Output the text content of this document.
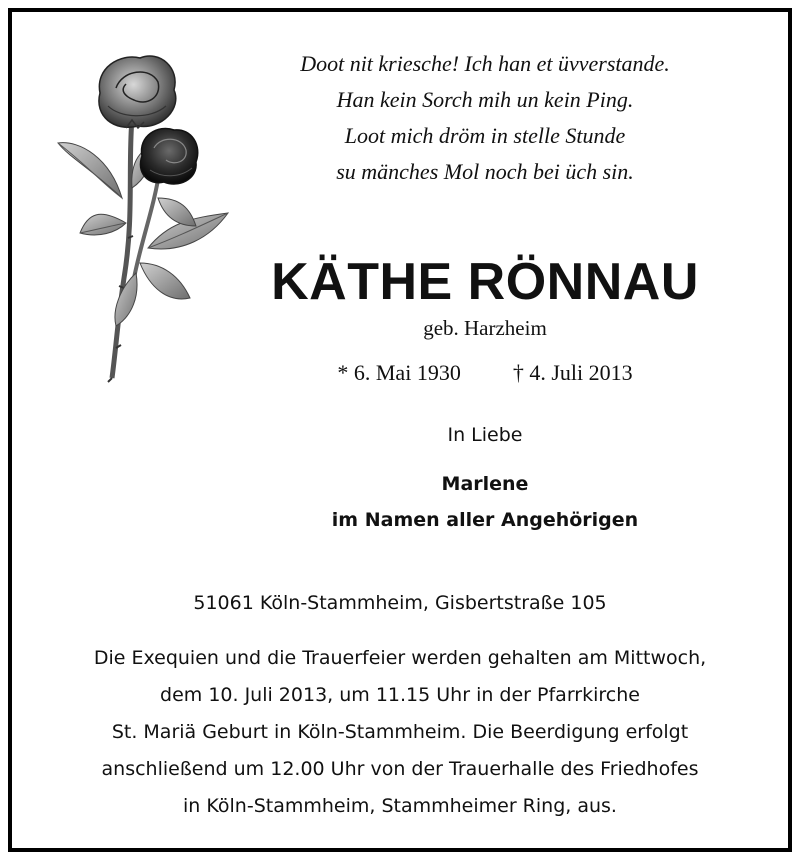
Doot nit kriesche! Ich han et üvverstande.
Han kein Sorch mih un kein Ping.
Loot mich dröm in stelle Stunde
su mänches Mol noch bei üch sin.
KÄTHE RÖNNAU
geb. Harzheim
* 6. Mai 1930 † 4. Juli 2013
In Liebe
Marlene
im Namen aller Angehörigen
51061 Köln-Stammheim, Gisbertstraße 105
Die Exequien und die Trauerfeier werden gehalten am Mittwoch,
dem 10. Juli 2013, um 11.15 Uhr in der Pfarrkirche
St. Mariä Geburt in Köln-Stammheim. Die Beerdigung erfolgt
anschließend um 12.00 Uhr von der Trauerhalle des Friedhofes
in Köln-Stammheim, Stammheimer Ring, aus.
